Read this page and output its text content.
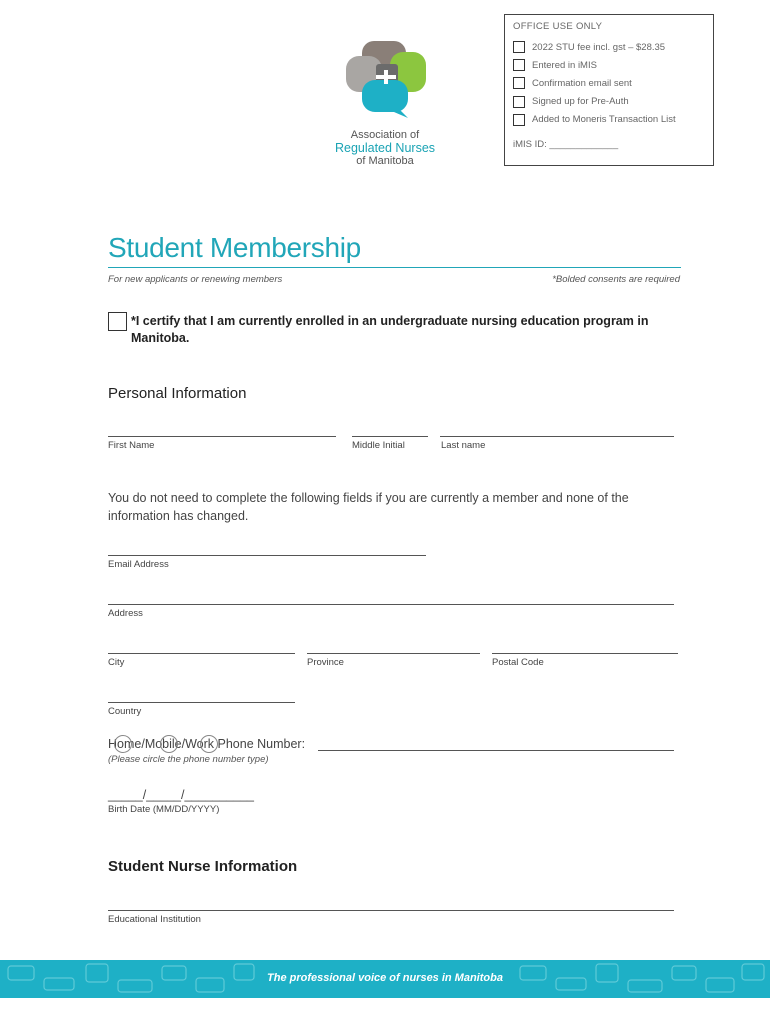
Association of
Regulated Nurses
of Manitoba
OFFICE USE ONLY
2022 STU fee incl. gst – $28.35
Entered in iMIS
Confirmation email sent
Signed up for Pre-Auth
Added to Moneris Transaction List
iMIS ID: _____________
Student Membership
For new applicants or renewing members	*Bolded consents are required
*I certify that I am currently enrolled in an undergraduate nursing education program in Manitoba.
Personal Information
First Name	Middle Initial	Last name
You do not need to complete the following fields if you are currently a member and none of the information has changed.
Email Address
Address
City	Province	Postal Code
Country
Home/Mobile/Work Phone Number:
(Please circle the phone number type)
_____/_____/__________
Birth Date (MM/DD/YYYY)
Student Nurse Information
Educational Institution
The professional voice of nurses in Manitoba
